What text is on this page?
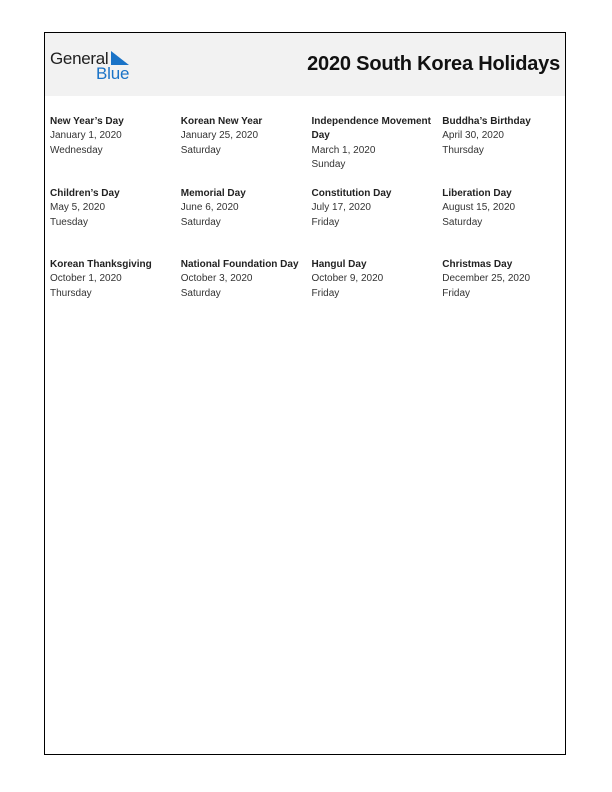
General
Blue	2020 South Korea Holidays
New Year’s Day
January 1, 2020
Wednesday
Korean New Year
January 25, 2020
Saturday
Independence Movement Day
March 1, 2020
Sunday
Buddha’s Birthday
April 30, 2020
Thursday
Children’s Day
May 5, 2020
Tuesday
Memorial Day
June 6, 2020
Saturday
Constitution Day
July 17, 2020
Friday
Liberation Day
August 15, 2020
Saturday
Korean Thanksgiving
October 1, 2020
Thursday
National Foundation Day
October 3, 2020
Saturday
Hangul Day
October 9, 2020
Friday
Christmas Day
December 25, 2020
Friday
